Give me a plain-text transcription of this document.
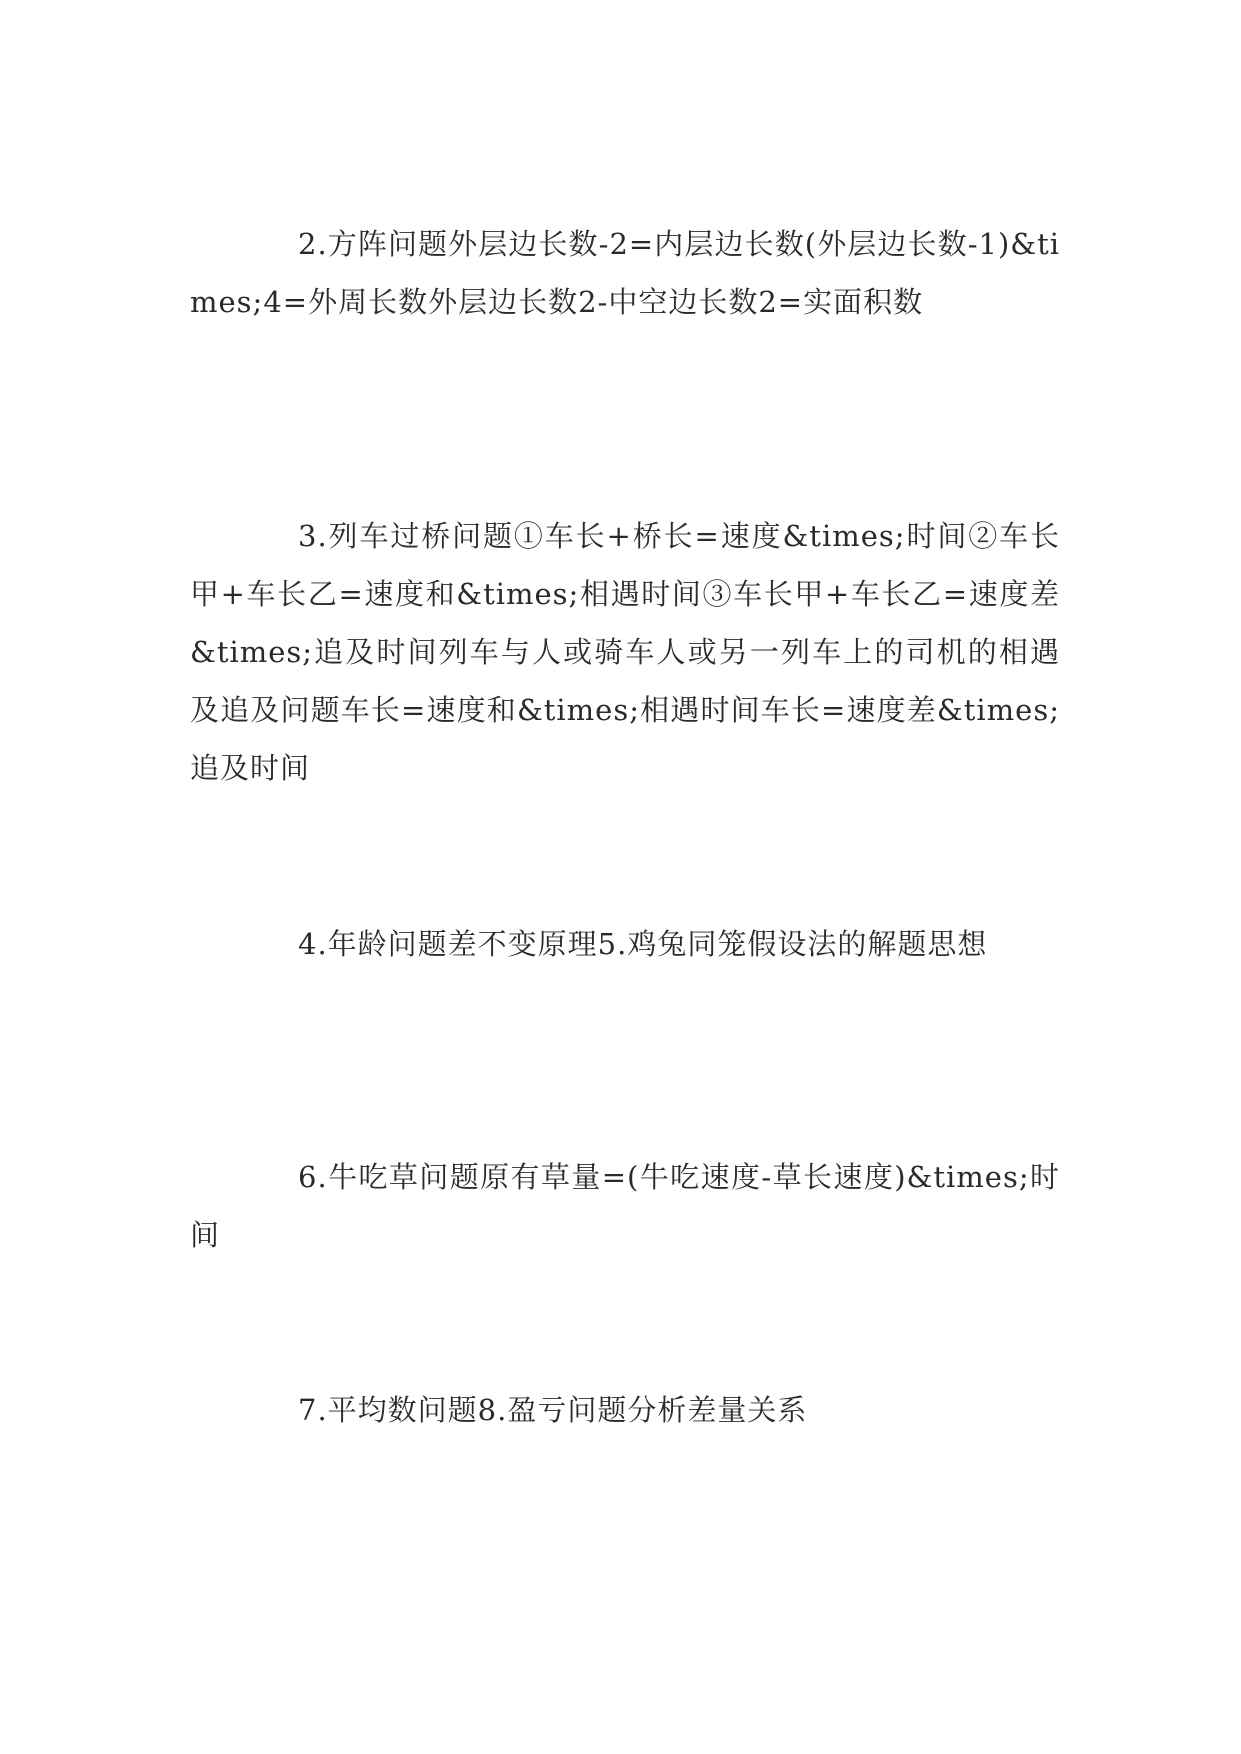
2.方阵问题外层边长数-2=内层边长数(外层边长数-1)&times;4=外周长数外层边长数2-中空边长数2=实面积数

3.列车过桥问题①车长+桥长=速度&times;时间②车长甲+车长乙=速度和&times;相遇时间③车长甲+车长乙=速度差&times;追及时间列车与人或骑车人或另一列车上的司机的相遇及追及问题车长=速度和&times;相遇时间车长=速度差&times;追及时间

4.年龄问题差不变原理5.鸡兔同笼假设法的解题思想

6.牛吃草问题原有草量=(牛吃速度-草长速度)&times;时间

7.平均数问题8.盈亏问题分析差量关系
